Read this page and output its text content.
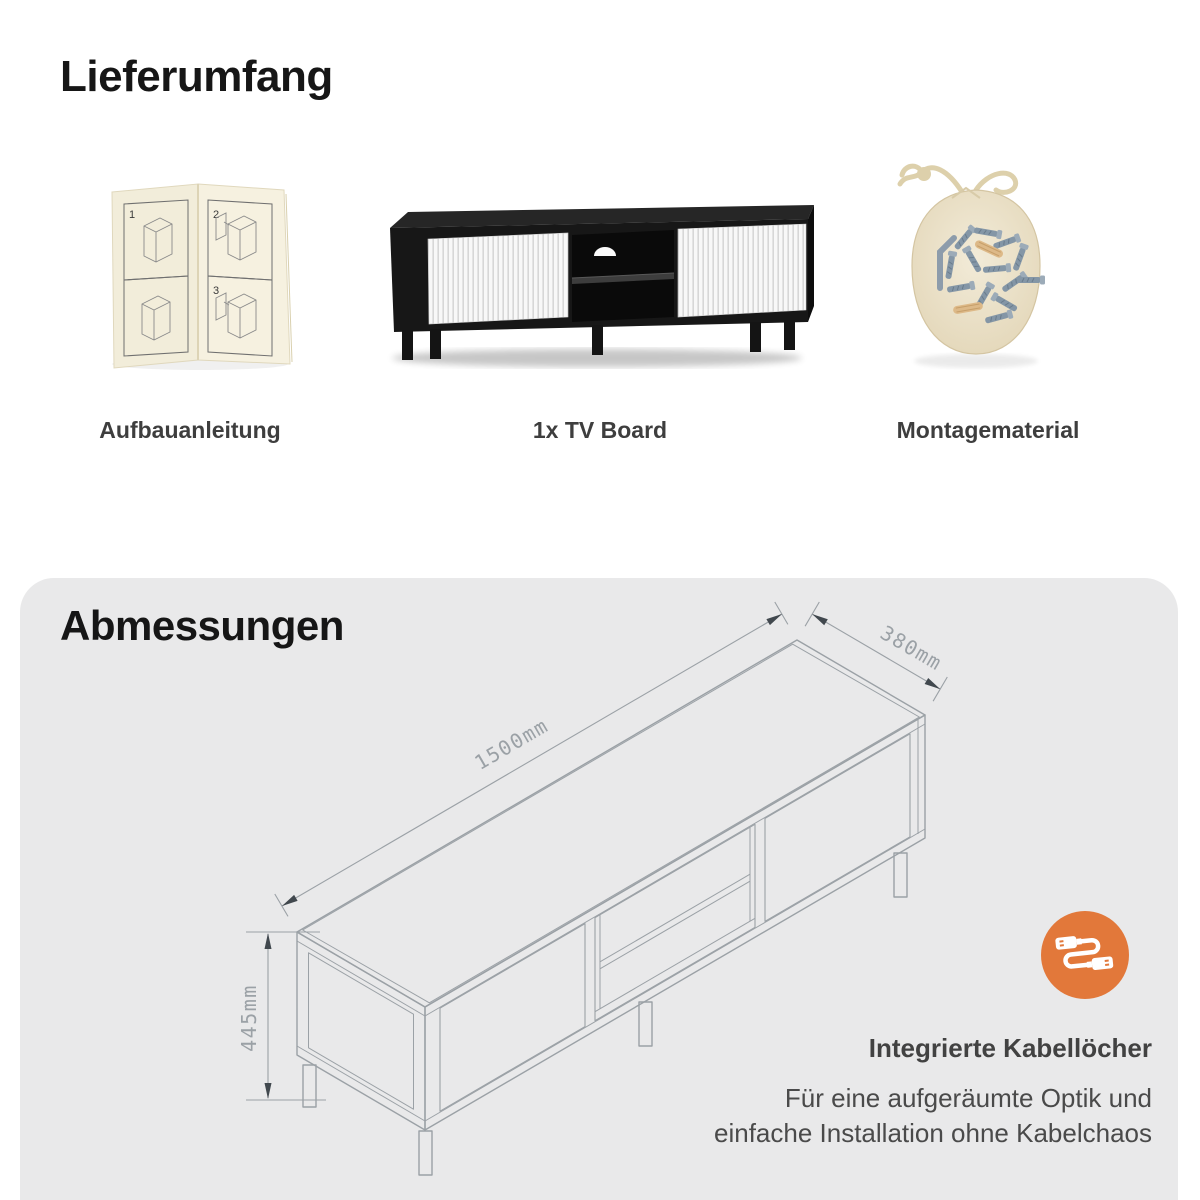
Lieferumfang
1	2
3
Aufbauanleitung	1x TV Board	Montagematerial
Abmessungen
1500mm
380mm
445mm	Integrierte Kabellöcher

Für eine aufgeräumte Optik und
einfache Installation ohne Kabelchaos
